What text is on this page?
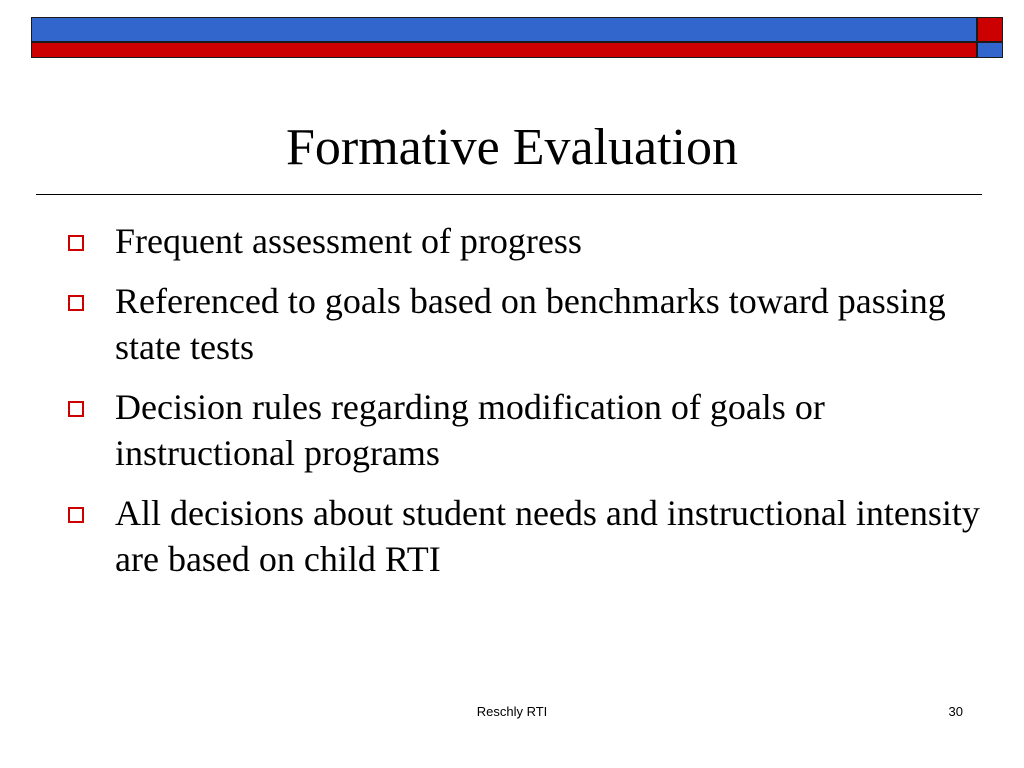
Formative Evaluation
Frequent assessment of progress
Referenced to goals based on benchmarks toward passing state tests
Decision rules regarding modification of goals or instructional programs
All decisions about student needs and instructional intensity are based on child RTI
Reschly RTI	30
